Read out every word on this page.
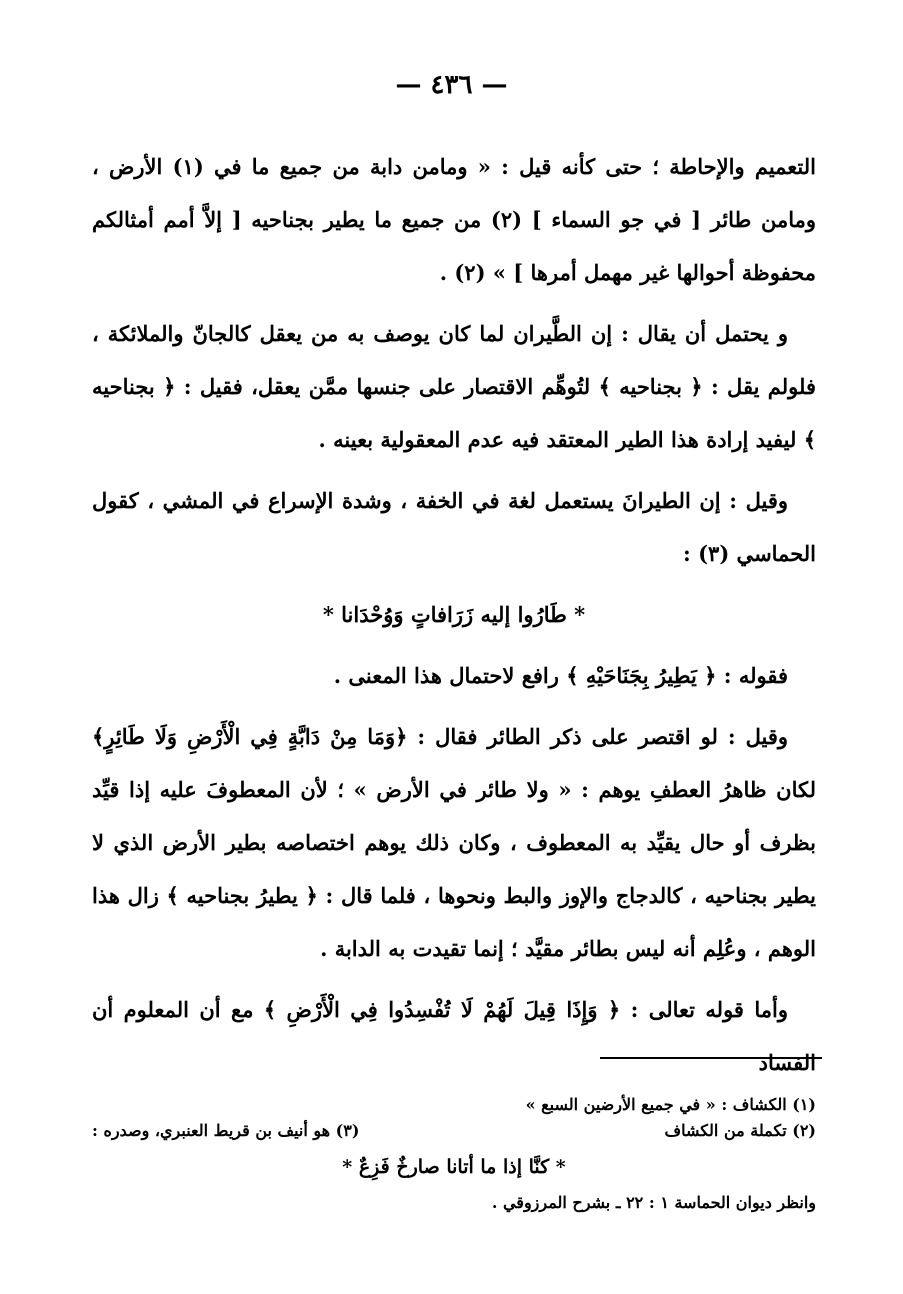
— ٤٣٦ —

التعميم والإحاطة ؛ حتى كأنه قيل : « ومامن دابة من جميع ما في (١) الأرض ، ومامن طائر [ في جو السماء ] (٢) من جميع ما يطير بجناحيه [ إلاَّ أمم أمثالكم محفوظة أحوالها غير مهمل أمرها ] » (٢) .

و يحتمل أن يقال : إن الطَّيران لما كان يوصف به من يعقل كالجانّ والملائكة ، فلولم يقل : ﴿ بجناحيه ﴾ لتُوهِّم الاقتصار على جنسها ممَّن يعقل، فقيل : ﴿ بجناحيه ﴾ ليفيد إرادة هذا الطير المعتقد فيه عدم المعقولية بعينه .

وقيل : إن الطيرانَ يستعمل لغة في الخفة ، وشدة الإسراع في المشي ، كقول الحماسي (٣) :

* طَارُوا إليه زَرَافاتٍ وَوُحْدَانا *

فقوله : ﴿ يَطِيرُ بِجَنَاحَيْهِ ﴾ رافع لاحتمال هذا المعنى .

وقيل : لو اقتصر على ذكر الطائر فقال : ﴿وَمَا مِنْ دَابَّةٍ فِي الْأَرْضِ وَلَا طَائِرٍ﴾ لكان ظاهرُ العطفِ يوهم : « ولا طائر في الأرض » ؛ لأن المعطوفَ عليه إذا قيِّد بظرف أو حال يقيِّد به المعطوف ، وكان ذلك يوهم اختصاصه بطير الأرض الذي لا يطير بجناحيه ، كالدجاج والإوز والبط ونحوها ، فلما قال : ﴿ يطيرُ بجناحيه ﴾ زال هذا الوهم ، وعُلِم أنه ليس بطائر مقيَّد ؛ إنما تقيدت به الدابة .

وأما قوله تعالى : ﴿ وَإِذَا قِيلَ لَهُمْ لَا تُفْسِدُوا فِي الْأَرْضِ ﴾ مع أن المعلوم أن الفساد

(١) الكشاف : « في جميع الأرضين السبع »
(٢) تكملة من الكشاف
(٣) هو أنيف بن قريط العنبري، وصدره :
* كنَّا إذا ما أتانا صارخٌ فَزِعٌ *
وانظر ديوان الحماسة ١ : ٢٢ ـ بشرح المرزوقي .
